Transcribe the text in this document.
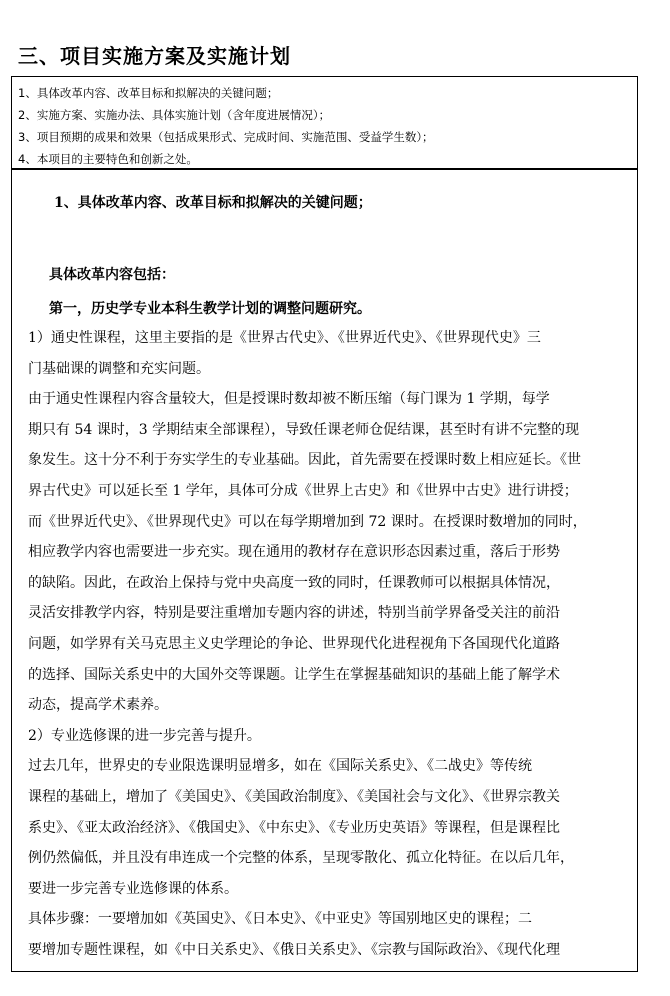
三、项目实施方案及实施计划
1、具体改革内容、改革目标和拟解决的关键问题；
2、实施方案、实施办法、具体实施计划（含年度进展情况）；
3、项目预期的成果和效果（包括成果形式、完成时间、实施范围、受益学生数）；
4、本项目的主要特色和创新之处。
1、具体改革内容、改革目标和拟解决的关键问题；
具体改革内容包括：
第一，历史学专业本科生教学计划的调整问题研究。

1）通史性课程，这里主要指的是《世界古代史》、《世界近代史》、《世界现代史》三
门基础课的调整和充实问题。

由于通史性课程内容含量较大，但是授课时数却被不断压缩（每门课为 1 学期，每学
期只有 54 课时，3 学期结束全部课程），导致任课老师仓促结课，甚至时有讲不完整的现
象发生。这十分不利于夯实学生的专业基础。因此，首先需要在授课时数上相应延长。《世
界古代史》可以延长至 1 学年，具体可分成《世界上古史》和《世界中古史》进行讲授；
而《世界近代史》、《世界现代史》可以在每学期增加到 72 课时。在授课时数增加的同时，
相应教学内容也需要进一步充实。现在通用的教材存在意识形态因素过重，落后于形势
的缺陷。因此，在政治上保持与党中央高度一致的同时，任课教师可以根据具体情况，
灵活安排教学内容，特别是要注重增加专题内容的讲述，特别当前学界备受关注的前沿
问题，如学界有关马克思主义史学理论的争论、世界现代化进程视角下各国现代化道路
的选择、国际关系史中的大国外交等课题。让学生在掌握基础知识的基础上能了解学术
动态，提高学术素养。

2）专业选修课的进一步完善与提升。

过去几年，世界史的专业限选课明显增多，如在《国际关系史》、《二战史》等传统
课程的基础上，增加了《美国史》、《美国政治制度》、《美国社会与文化》、《世界宗教关
系史》、《亚太政治经济》、《俄国史》、《中东史》、《专业历史英语》等课程，但是课程比
例仍然偏低，并且没有串连成一个完整的体系，呈现零散化、孤立化特征。在以后几年，
要进一步完善专业选修课的体系。

具体步骤：一要增加如《英国史》、《日本史》、《中亚史》等国别地区史的课程；二
要增加专题性课程，如《中日关系史》、《俄日关系史》、《宗教与国际政治》、《现代化理
